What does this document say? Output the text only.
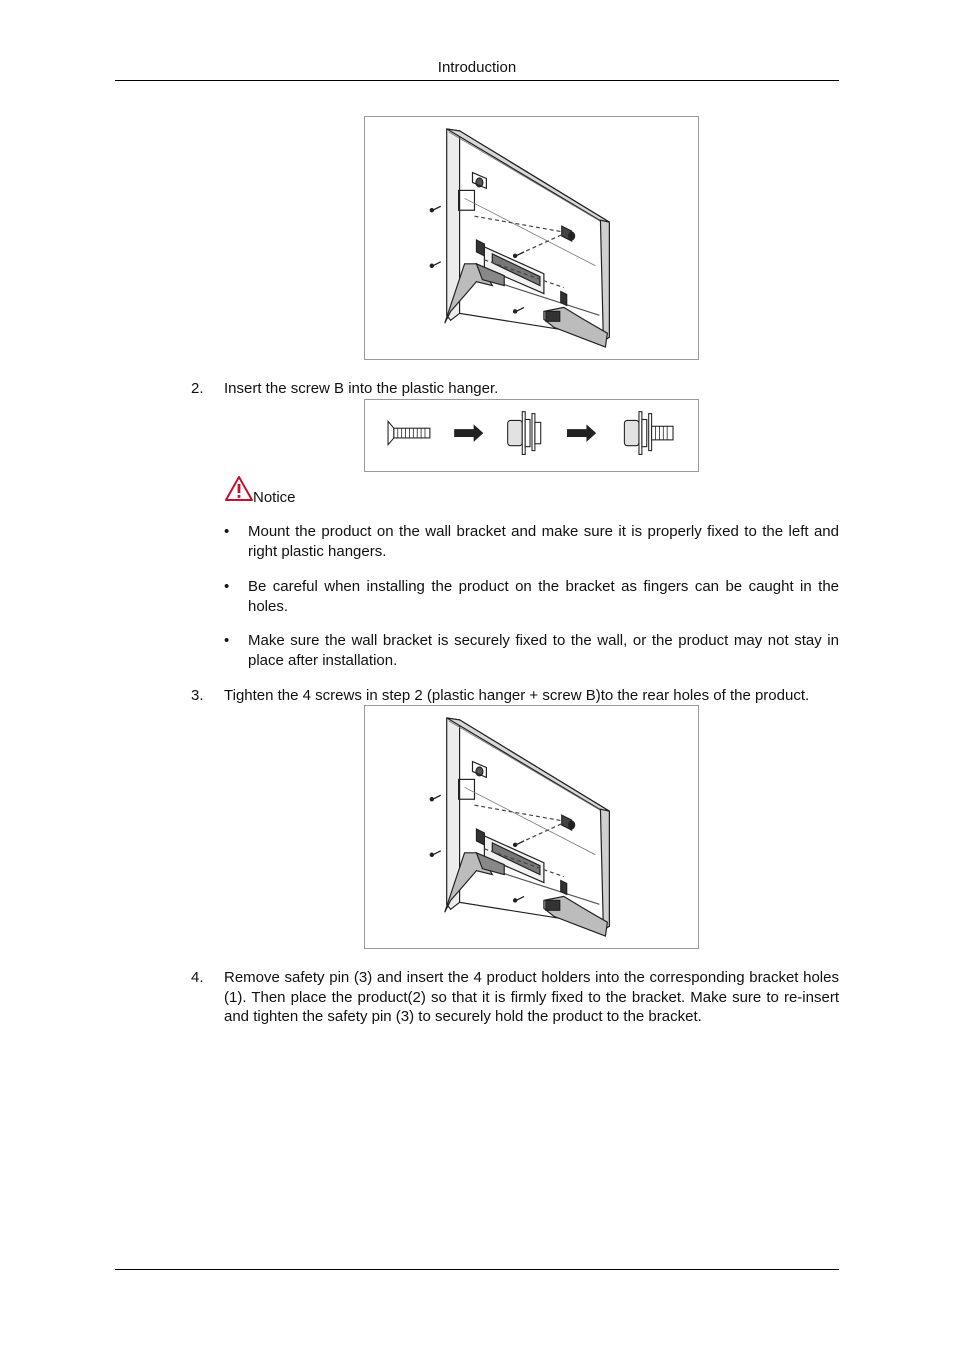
Introduction
2. Insert the screw B into the plastic hanger.
Notice
• Mount the product on the wall bracket and make sure it is properly fixed to the left and right plastic hangers.
• Be careful when installing the product on the bracket as fingers can be caught in the holes.
• Make sure the wall bracket is securely fixed to the wall, or the product may not stay in place after installation.
3. Tighten the 4 screws in step 2 (plastic hanger + screw B)to the rear holes of the product.
4. Remove safety pin (3) and insert the 4 product holders into the corresponding bracket holes (1). Then place the product(2) so that it is firmly fixed to the bracket. Make sure to re-insert and tighten the safety pin (3) to securely hold the product to the bracket.
